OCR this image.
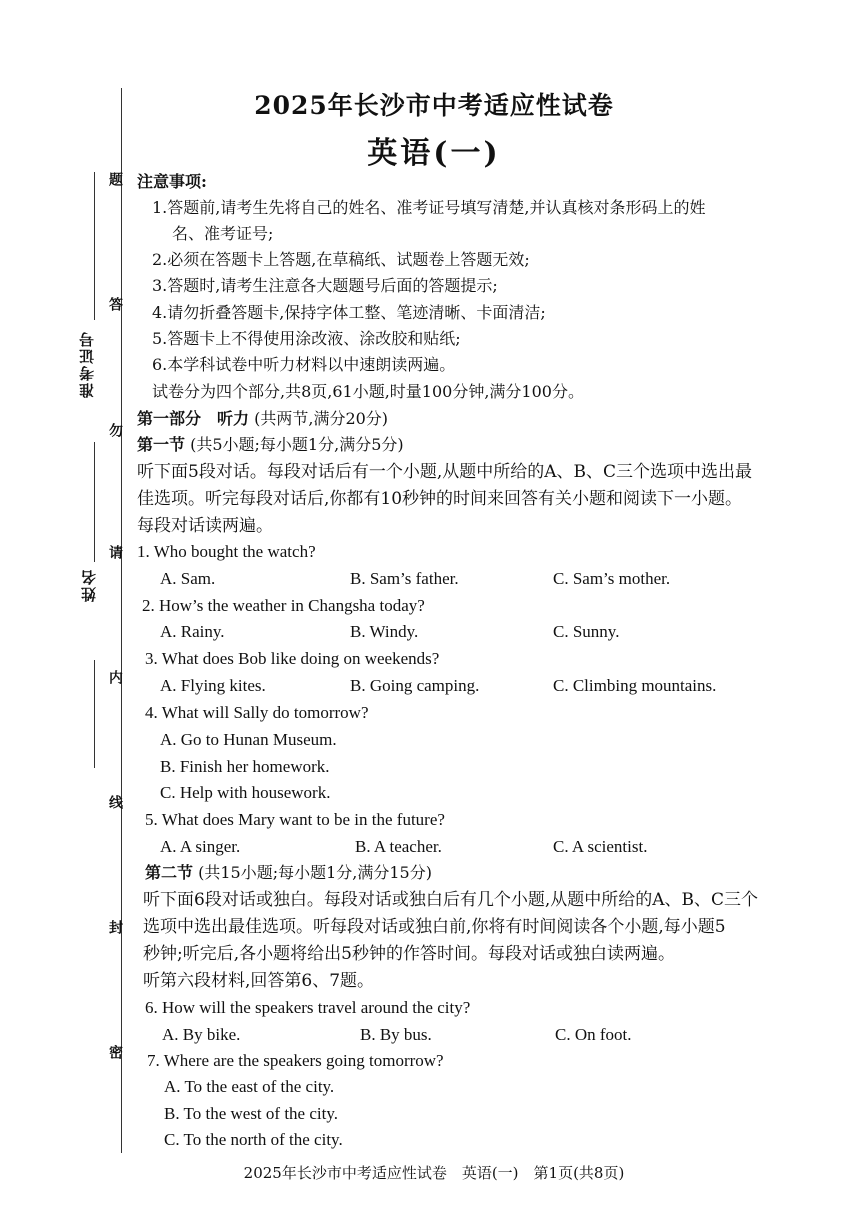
题
答
勿
请
内
线
封
密
准考证号
姓名
2025年长沙市中考适应性试卷
英语(一)
注意事项:
1.答题前,请考生先将自己的姓名、准考证号填写清楚,并认真核对条形码上的姓
名、准考证号;
2.必须在答题卡上答题,在草稿纸、试题卷上答题无效;
3.答题时,请考生注意各大题题号后面的答题提示;
4.请勿折叠答题卡,保持字体工整、笔迹清晰、卡面清洁;
5.答题卡上不得使用涂改液、涂改胶和贴纸;
6.本学科试卷中听力材料以中速朗读两遍。
试卷分为四个部分,共8页,61小题,时量100分钟,满分100分。
第一部分　听力 (共两节,满分20分)
第一节 (共5小题;每小题1分,满分5分)
听下面5段对话。每段对话后有一个小题,从题中所给的A、B、C三个选项中选出最
佳选项。听完每段对话后,你都有10秒钟的时间来回答有关小题和阅读下一小题。
每段对话读两遍。
1. Who bought the watch?
A. Sam.	B. Sam’s father.	C. Sam’s mother.
2. How’s the weather in Changsha today?
A. Rainy.	B. Windy.	C. Sunny.
3. What does Bob like doing on weekends?
A. Flying kites.	B. Going camping.	C. Climbing mountains.
4. What will Sally do tomorrow?
A. Go to Hunan Museum.
B. Finish her homework.
C. Help with housework.
5. What does Mary want to be in the future?
A. A singer.	B. A teacher.	C. A scientist.
第二节 (共15小题;每小题1分,满分15分)
听下面6段对话或独白。每段对话或独白后有几个小题,从题中所给的A、B、C三个
选项中选出最佳选项。听每段对话或独白前,你将有时间阅读各个小题,每小题5
秒钟;听完后,各小题将给出5秒钟的作答时间。每段对话或独白读两遍。
听第六段材料,回答第6、7题。
6. How will the speakers travel around the city?
A. By bike.	B. By bus.	C. On foot.
7. Where are the speakers going tomorrow?
A. To the east of the city.
B. To the west of the city.
C. To the north of the city.
2025年长沙市中考适应性试卷　英语(一)　第1页(共8页)
